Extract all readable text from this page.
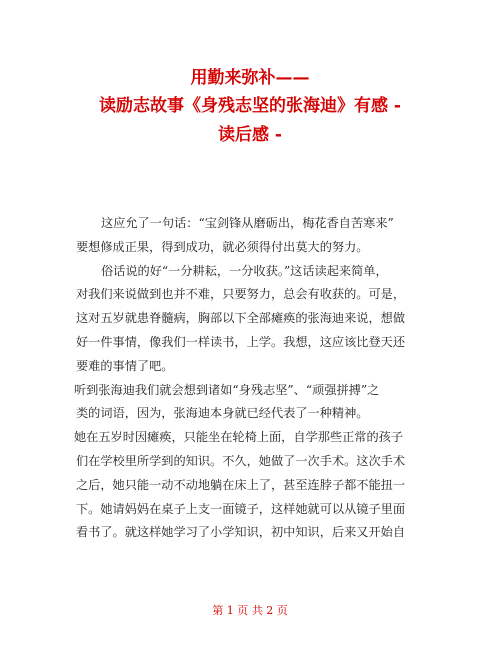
用勤来弥补——
读励志故事《身残志坚的张海迪》有感 -
读后感 -

这应允了一句话：“宝剑锋从磨砺出，梅花香自苦寒来”

要想修成正果，得到成功，就必须得付出莫大的努力。

俗话说的好“一分耕耘，一分收获。”这话读起来简单，

对我们来说做到也并不难，只要努力，总会有收获的。可是，

这对五岁就患脊髓病，胸部以下全部瘫痪的张海迪来说，想做

好一件事情，像我们一样读书，上学。我想，这应该比登天还

要难的事情了吧。

听到张海迪我们就会想到诸如“身残志坚”、“顽强拼搏”之

类的词语，因为，张海迪本身就已经代表了一种精神。

她在五岁时因瘫痪，只能坐在轮椅上面，自学那些正常的孩子

们在学校里所学到的知识。不久，她做了一次手术。这次手术

之后，她只能一动不动地躺在床上了，甚至连脖子都不能扭一

下。她请妈妈在桌子上支一面镜子，这样她就可以从镜子里面

看书了。就这样她学习了小学知识，初中知识，后来又开始自

第 1 页 共 2 页
